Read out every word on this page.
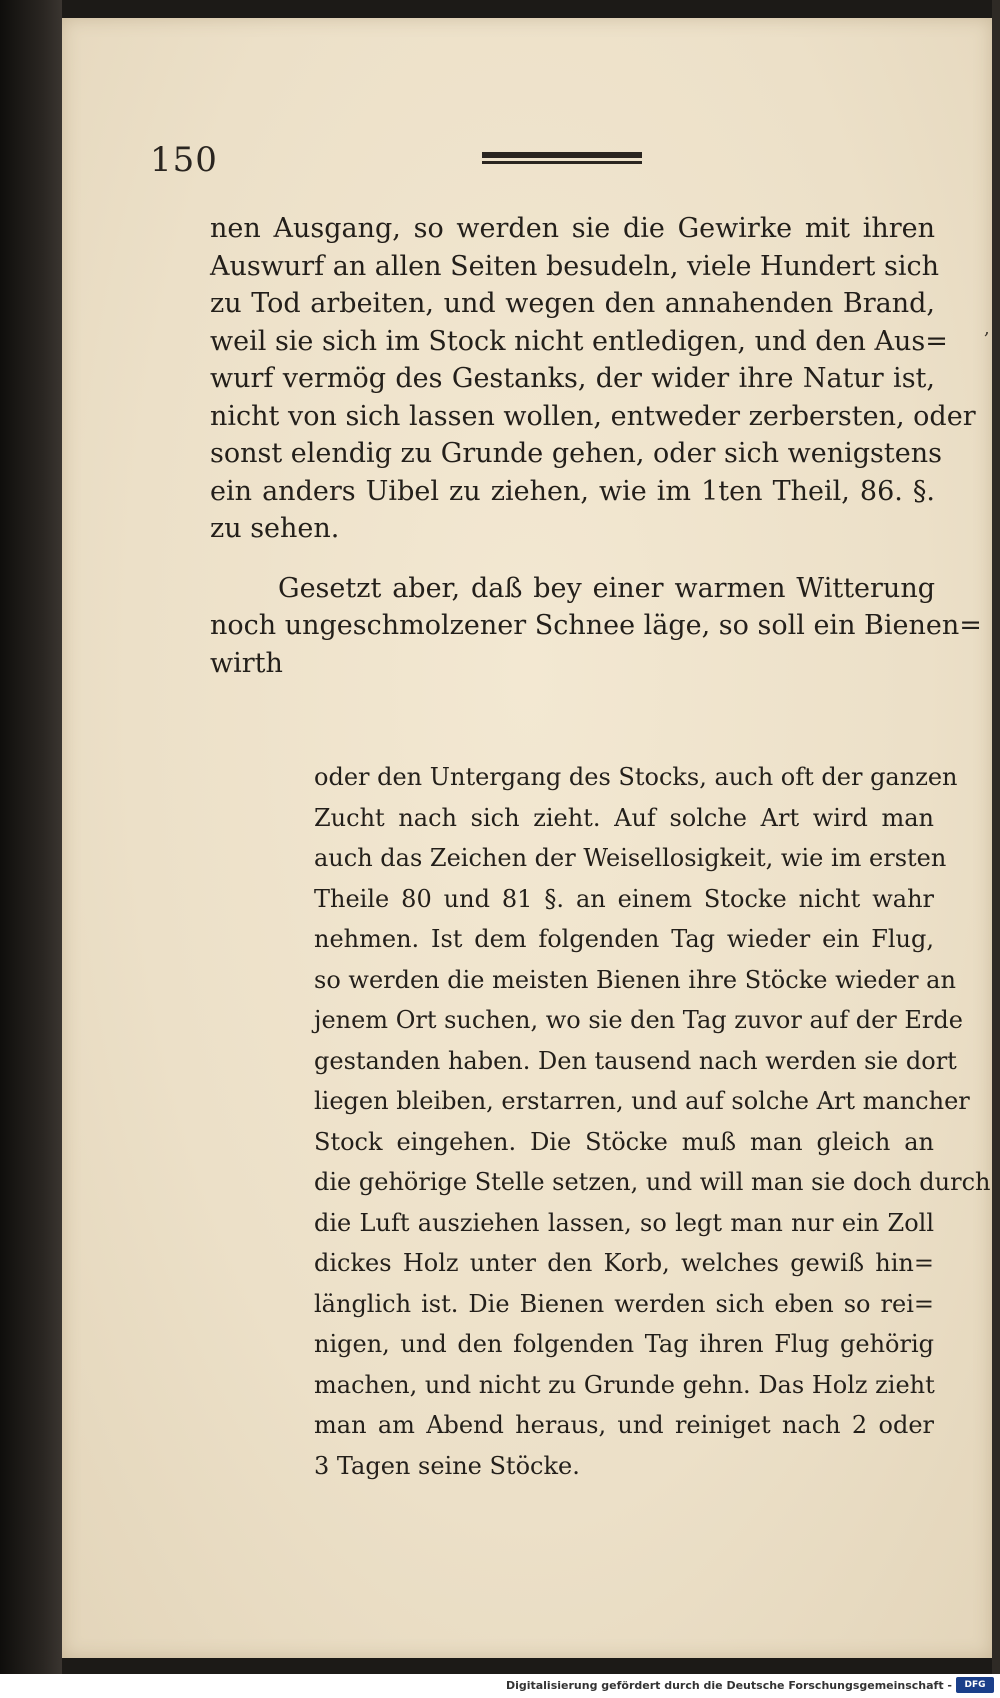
150
,
nen Ausgang, so werden sie die Gewirke mit ihren
Auswurf an allen Seiten besudeln, viele Hundert sich
zu Tod arbeiten, und wegen den annahenden Brand,
weil sie sich im Stock nicht entledigen, und den Aus=
wurf vermög des Gestanks, der wider ihre Natur ist,
nicht von sich lassen wollen, entweder zerbersten, oder
sonst elendig zu Grunde gehen, oder sich wenigstens
ein anders Uibel zu ziehen, wie im 1ten Theil, 86. §.
zu sehen.
Gesetzt aber, daß bey einer warmen Witterung
noch ungeschmolzener Schnee läge, so soll ein Bienen=
wirth
oder den Untergang des Stocks, auch oft der ganzen
Zucht nach sich zieht. Auf solche Art wird man
auch das Zeichen der Weisellosigkeit, wie im ersten
Theile 80 und 81 §. an einem Stocke nicht wahr
nehmen. Ist dem folgenden Tag wieder ein Flug,
so werden die meisten Bienen ihre Stöcke wieder an
jenem Ort suchen, wo sie den Tag zuvor auf der Erde
gestanden haben. Den tausend nach werden sie dort
liegen bleiben, erstarren, und auf solche Art mancher
Stock eingehen. Die Stöcke muß man gleich an
die gehörige Stelle setzen, und will man sie doch durch
die Luft ausziehen lassen, so legt man nur ein Zoll
dickes Holz unter den Korb, welches gewiß hin=
länglich ist. Die Bienen werden sich eben so rei=
nigen, und den folgenden Tag ihren Flug gehörig
machen, und nicht zu Grunde gehn. Das Holz zieht
man am Abend heraus, und reiniget nach 2 oder
3 Tagen seine Stöcke.
Digitalisierung gefördert durch die Deutsche Forschungsgemeinschaft -	DFG
